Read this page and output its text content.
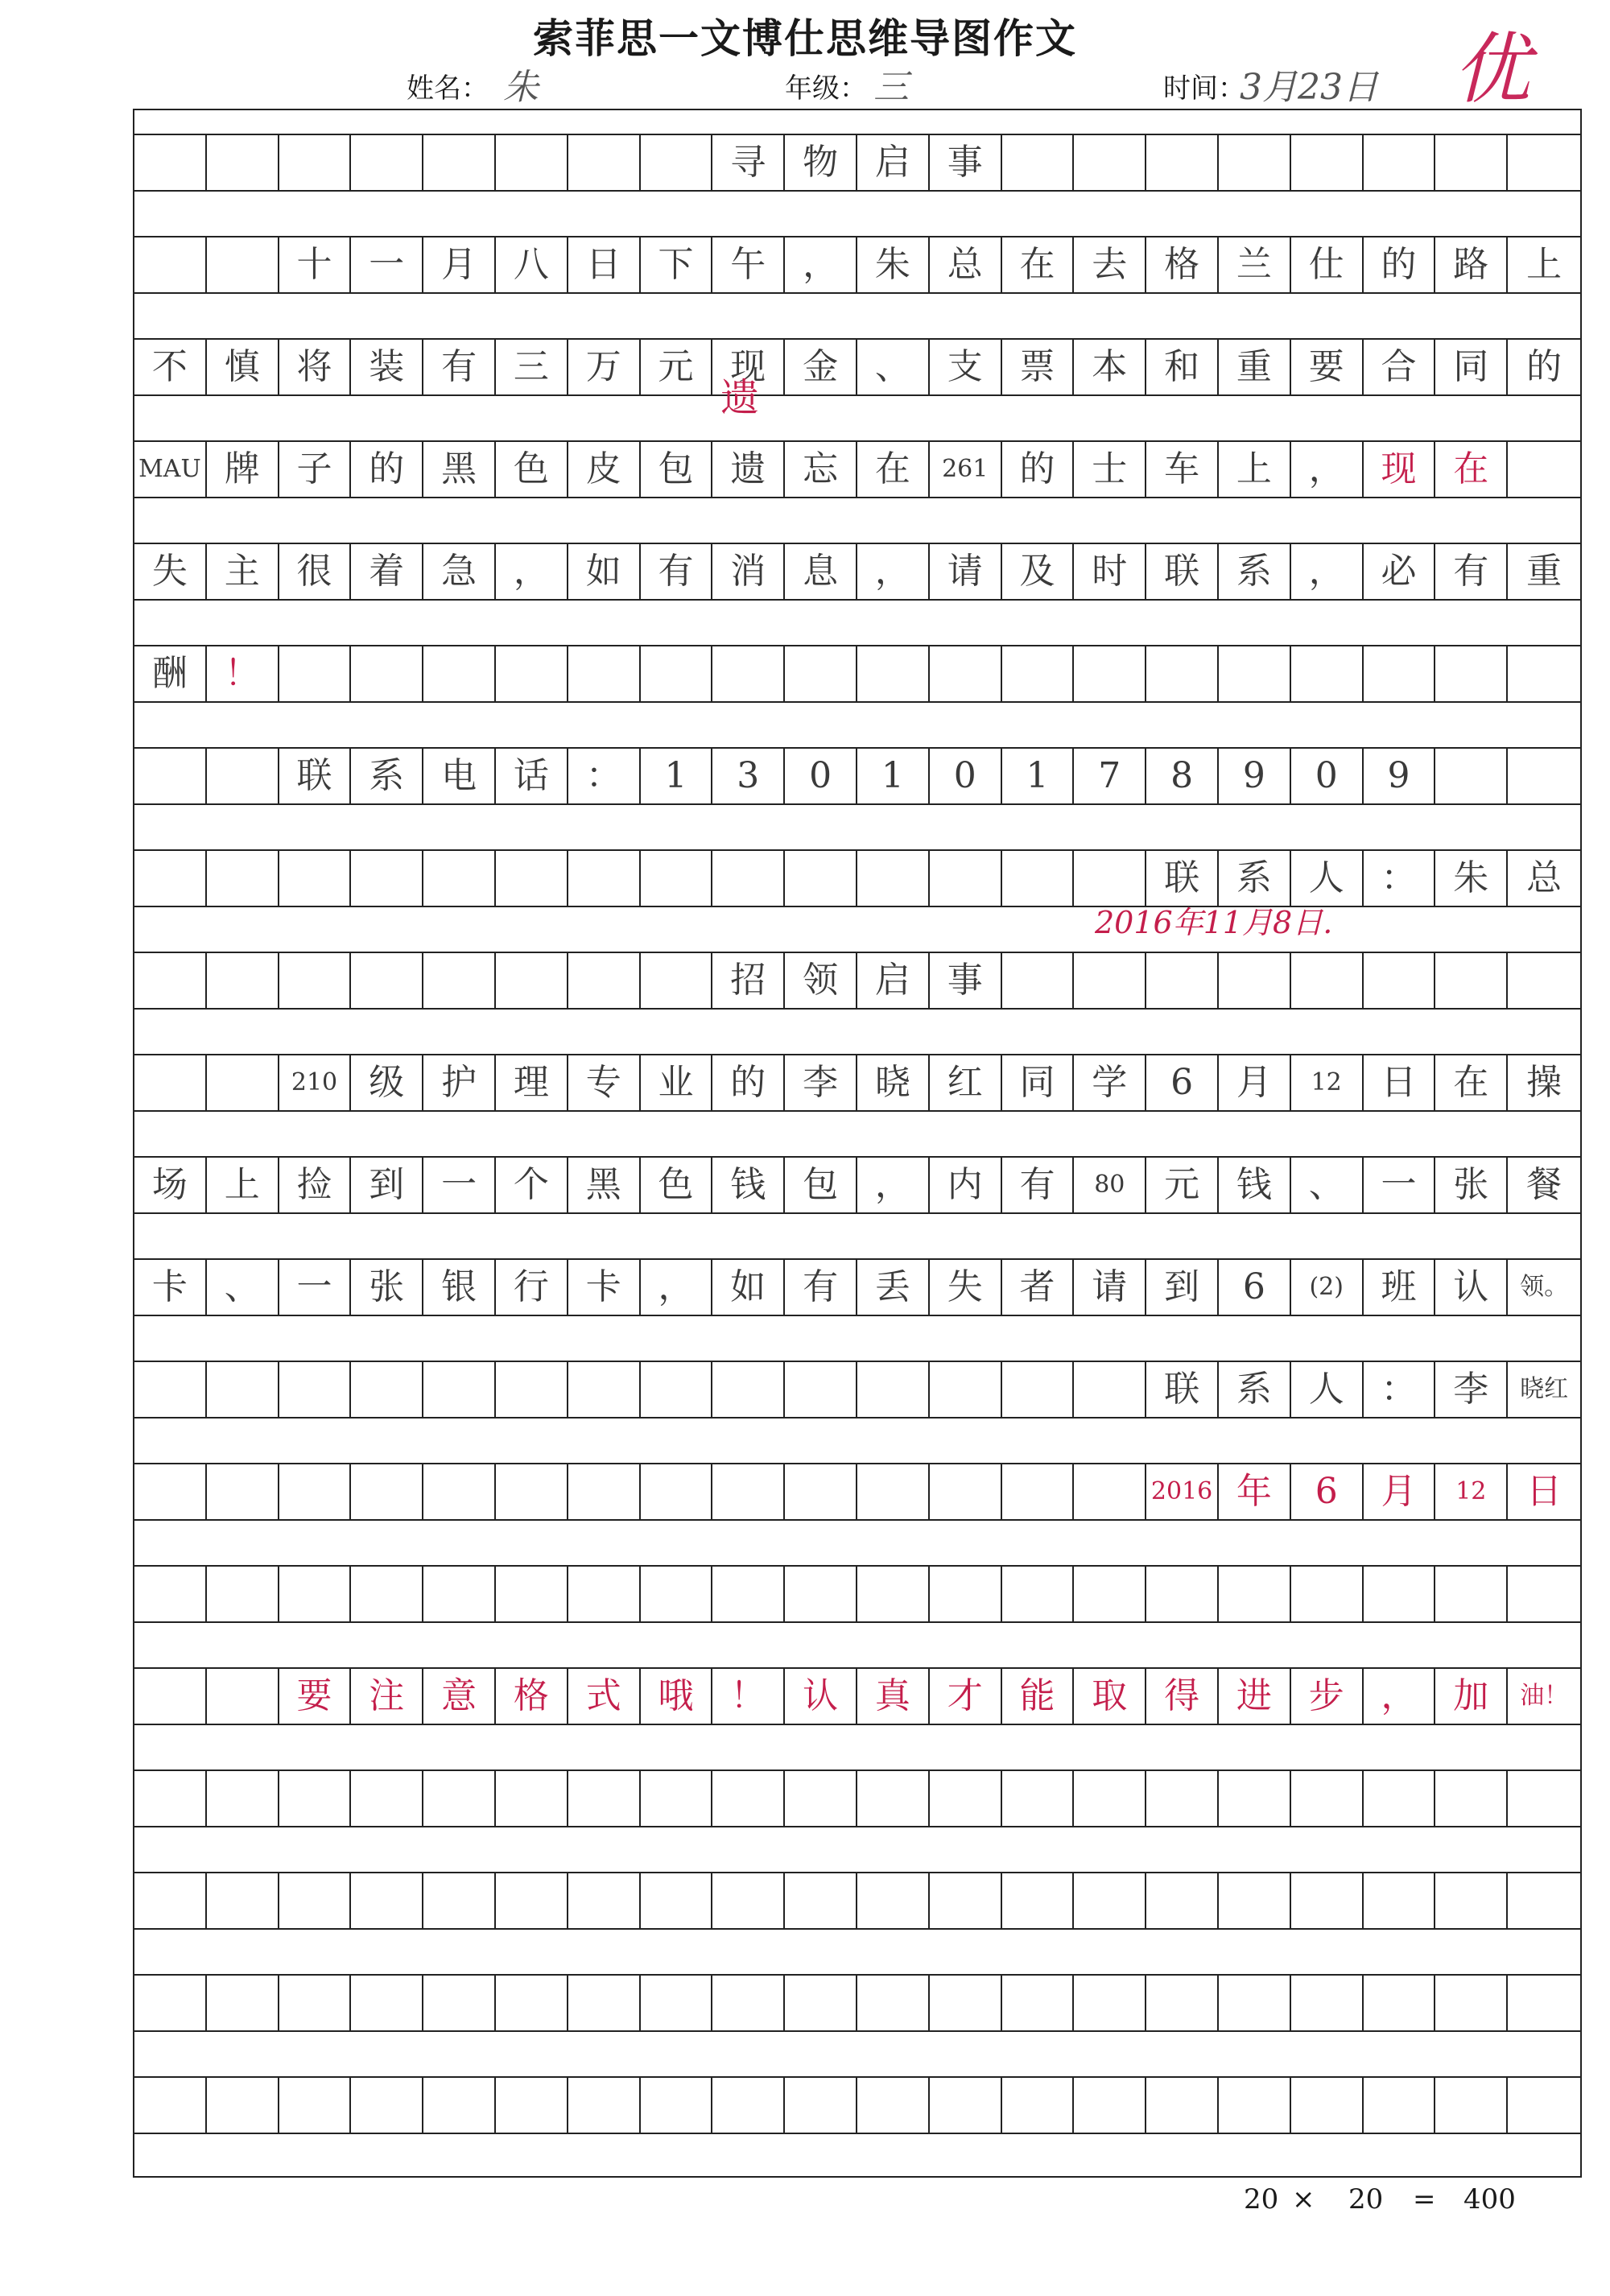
索菲思一文博仕思维导图作文
姓名： 朱	年级： 三	时间：
3月23日 优
寻	物	启	事
十	一	月	八	日	下	午	，	朱	总	在	去	格	兰	仕	的	路	上
不	慎	将	装	有	三	万	元	现	金	、	支	票	本	和	重	要	合	同	的
MAU 牌	子	的	黑	色	皮	包	遗	忘	在	261 的	士	车	上	，	现	在
失	主	很	着	急	，	如	有	消	息	，	请	及	时	联	系	，	必	有	重
酬	！
联	系	电	话	：	1	3	0	1	0	1	7	8	9	0	9
联	系	人	：	朱	总
招	领	启	事
210 级	护	理	专	业	的	李	晓	红	同	学	6	月	12	日	在	操
场	上	捡	到	一	个	黑	色	钱	包	，	内	有	80	元	钱	、	一	张	餐
卡	、	一	张	银	行	卡	，	如	有	丢	失	者	请	到	6	(2)	班	认	领。
联	系	人	：	李	晓红
2016 年	6	月	12	日
要	注	意	格	式	哦	！	认	真	才	能	取	得	进	步	，	加	油！
遗
2016年11月8日.
20 × 20 = 400
